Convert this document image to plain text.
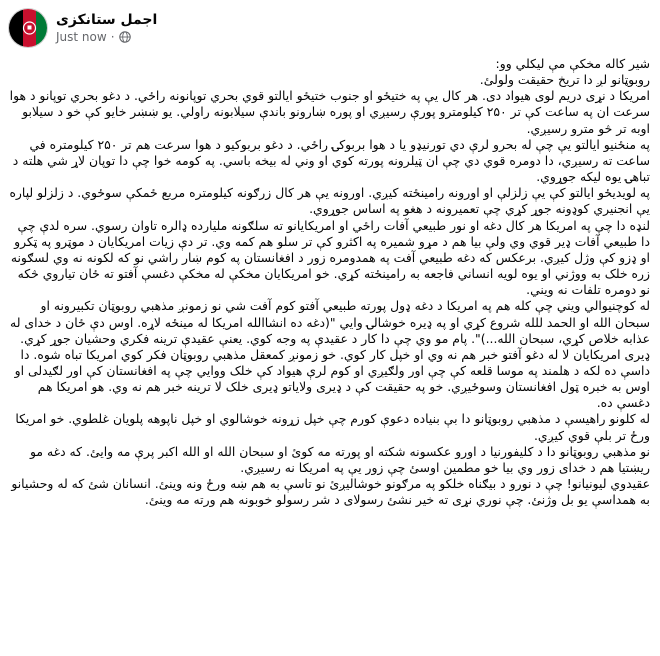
اجمل ستانکزی
Just now ·

شیر کاله مخکې مې لیکلي وو:

روبوټانو لږ دا تریخ حقیقت ولولئ.

امریکا د نړی دریم لوی هیواد دی. هر کال یې په ختیځو او جنوب ختیځو ایالتو قوي بحري توپانونه راځي. د دغو بحري توپانو د هوا سرعت ان په ساعت کې تر ۲۵۰ کیلومترو پورې رسیږي او پوره ښارونو باندې سیلابونه راولي. یو ښښر خایو کې خو د سیلابو اوبه تر څو مترو رسیږي.

په منځنیو ایالتو یې چې له بحرو لرې دي تورنیډو یا د هوا بربوکۍ راځي. د دغو بربوکیو د هوا سرعت هم تر ۲۵۰ کیلومتره في ساعت ته رسیږي، دا دومره قوي دي چې ان ټیلرونه پورته کوي او وني له بیخه باسي. په کومه خوا چې دا توپان لاړ شي هلته د تباهۍ یوه لیکه جوړوي.

په لویدیځو ایالتو کې یې زلزلې او اورونه رامینځته کیږي. اورونه یې هر کال زرګونه کیلومتره مربع ځمکې سوځوي. د زلزلو لپاره یې انجنیري کوډونه جوړ کړي چې تعمیرونه د هغو په اساس جوړوي.

لنډه دا چې په امریکا هر کال دغه او نور طبیعي آفات راځي او امریکایانو ته سلګونه ملیارده ډالره تاوان رسوي. سره لدې چې دا طبیعي آفات ډیر قوي وي ولې بیا هم د مړو شمیره په اکثرو کې تر سلو هم کمه وي. تر دې زیات امریکایان د موټرو په ټکرو او ډزو کې وژل کیږي. برعکس که دغه طبیعي آفت په همدومره زور د افغانستان په کوم ښار راشي نو که لکونه نه وي لسګونه زره خلک به ووژني او یوه لویه انساني فاجعه به رامینځته کړي. خو امریکایان مخکې له مخکې دغسې آفتو ته ځان تیاروي څکه نو دومره تلفات نه ویني.

له کوچنیوالي ویني چې کله هم په امریکا د دغه ډول پورته طبیعي آفتو کوم آفت شي نو زمونږ مذهبي روبوټان تکبیرونه او سبحان الله او الحمد للله شروع کړي او په ډیره خوشالۍ وایي "(دغه ده انشاالله امریکا له مینځه لاړه. اوس دې ځان د خدای له عذابه خلاص کړي، سبحان الله...)". پام مو وي چې دا کار د عقیدې په وجه کوي. یعنې عقیدې ترینه فکري وحشیان جوړ کړي.

ډیری امریکایان لا له دغو آفتو خبر هم نه وي او خپل کار کوي. خو زمونږ کمعقل مذهبي روبوټان فکر کوي امریکا تباه شوه. دا داسې ده لکه د هلمند په موسا قلعه کې چې اور ولګیږي او کوم لرې هیواد کې خلک ووایي چې په افغانستان کې اور لګیدلی او اوس به خبره ټول افغانستان وسوځیږي. خو په حقیقت کې د ډیری ولایاتو ډیری خلک لا ترینه خبر هم نه وي. هو امریکا هم دغسې ده.

له کلونو راهیسې د مذهبي روبوټانو دا بې بنیاده دعوې کورم چې خپل زړونه خوشالوي او خپل ناپوهه پلویان غلطوي. خو امریکا ورځ تر بلې قوي کیږي.

نو مذهبي روبوټانو دا د کلیفورنیا د اورو عکسونه شکته او پورته مه کوئ او سبحان الله او الله اکبر پرې مه وایئ. که دغه مو ریښتیا هم د خدای زور وي بیا خو مطمین اوسئ چې زور یې په امریکا نه رسیږي.

عقیدوي لیونیانو! چې د نورو د بیګناه خلکو په مرګونو خوشالیږئ نو تاسې به هم ښه ورځ ونه وینئ. انسانان شئ که له وحشیانو به همداسې یو بل وژنئ. چې نوري نړی ته خیر نشئ رسولای د شر رسولو خوبونه هم ورته مه وینئ.
